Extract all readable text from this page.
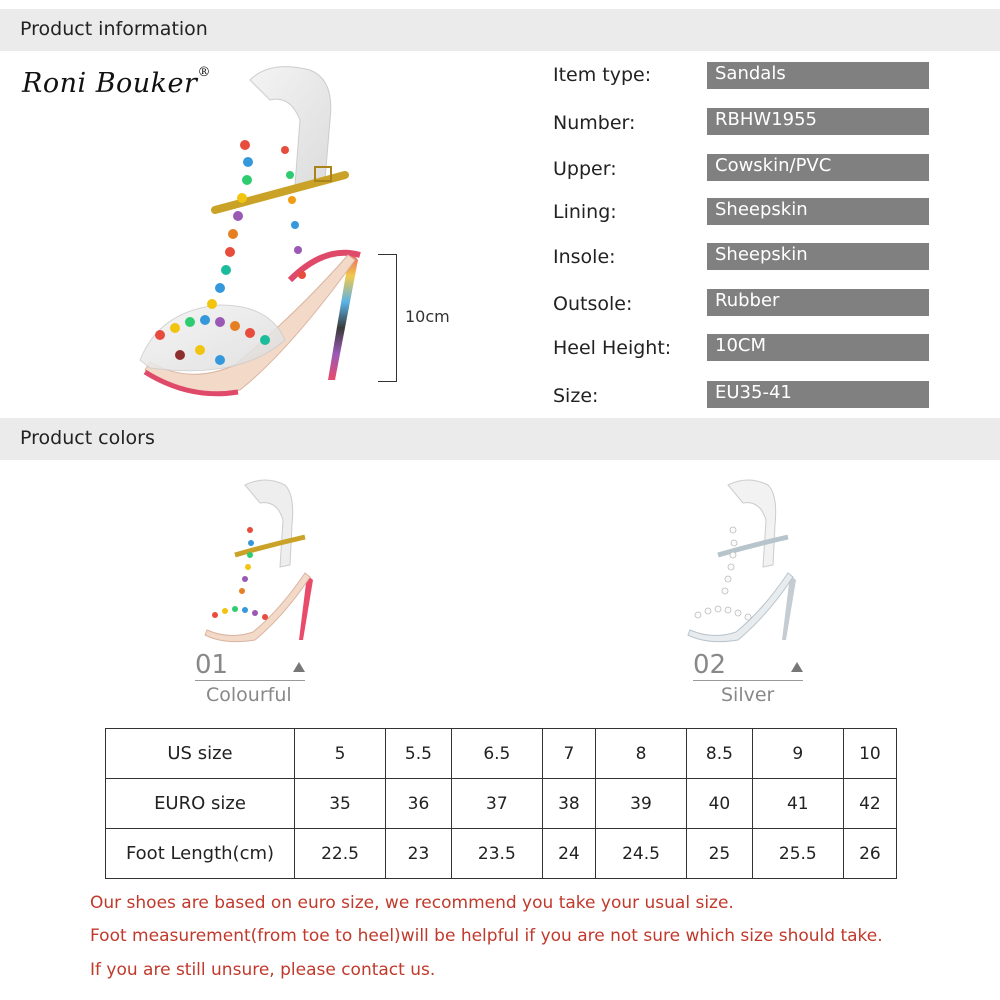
Product information
Roni Bouker®
10cm
Item type:	Sandals
Number:	RBHW1955
Upper:	Cowskin/PVC
Lining:	Sheepskin
Insole:	Sheepskin
Outsole:	Rubber
Heel Height: 10CM
Size:	EU35-41
Product colors
01
Colourful
02
Silver
US size	5	5.5	6.5	7	8	8.5	9	10
EURO size	35	36	37	38	39	40	41	42
Foot Length(cm)	22.5	23	23.5	24	24.5	25	25.5	26
Our shoes are based on euro size, we recommend you take your usual size.
Foot measurement(from toe to heel)will be helpful if you are not sure which size should take.
If you are still unsure, please contact us.
